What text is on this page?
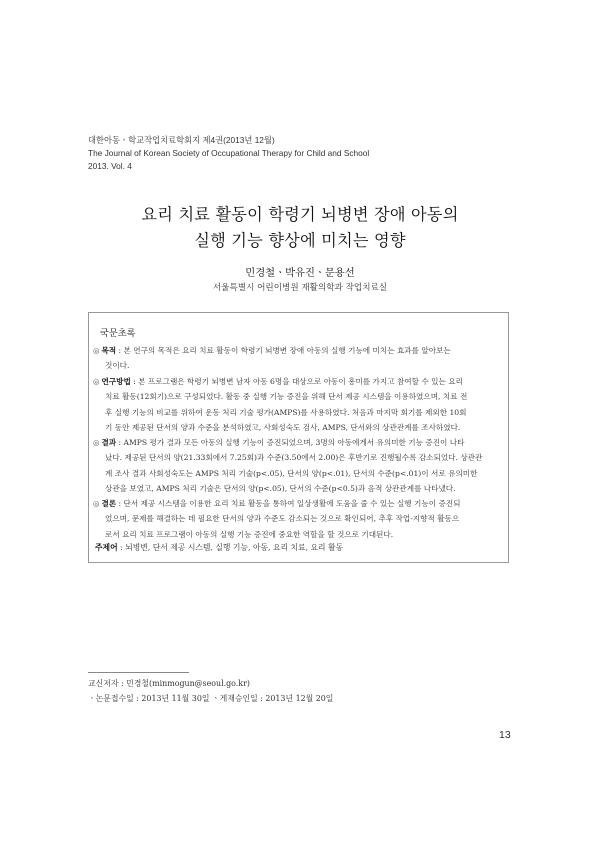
대한아동ㆍ학교작업치료학회지 제4권(2013년 12월)
The Journal of Korean Society of Occupational Therapy for Child and School
2013. Vol. 4
요리 치료 활동이 학령기 뇌병변 장애 아동의
실행 기능 향상에 미치는 영향
민경철ㆍ박유진ㆍ문용선
서울특별시 어린이병원 재활의학과 작업치료실
국문초록
◎ 목적 : 본 연구의 목적은 요리 치료 활동이 학령기 뇌병변 장애 아동의 실행 기능에 미치는 효과를 알아보는
것이다.
◎ 연구방법 : 본 프로그램은 학령기 뇌병변 남자 아동 6명을 대상으로 아동이 흥미를 가지고 참여할 수 있는 요리
치료 활동(12회기)으로 구성되었다. 활동 중 실행 기능 증진을 위해 단서 제공 시스템을 이용하였으며, 치료 전
후 실행 기능의 비교를 위하여 운동 처리 기술 평가(AMPS)를 사용하였다. 처음과 마지막 회기를 제외한 10회
기 동안 제공된 단서의 양과 수준을 분석하였고, 사회성숙도 검사, AMPS, 단서와의 상관관계를 조사하였다.
◎ 결과 : AMPS 평가 결과 모든 아동의 실행 기능이 증진되었으며, 3명의 아동에게서 유의미한 기능 증진이 나타
났다. 제공된 단서의 양(21.33회에서 7.25회)과 수준(3.50에서 2.00)은 후반기로 진행될수록 감소되었다. 상관관
계 조사 결과 사회성숙도는 AMPS 처리 기술(p<.05), 단서의 양(p<.01), 단서의 수준(p<.01)이 서로 유의미한
상관을 보였고, AMPS 처리 기술은 단서의 양(p<.05), 단서의 수준(p<0.5)과 음적 상관관계를 나타냈다.
◎ 결론 : 단서 제공 시스템을 이용한 요리 치료 활동을 통하여 일상생활에 도움을 줄 수 있는 실행 기능이 증진되
었으며, 문제를 해결하는 데 필요한 단서의 양과 수준도 감소되는 것으로 확인되어, 추후 작업-지향적 활동으
로서 요리 치료 프로그램이 아동의 실행 기능 증진에 중요한 역할을 할 것으로 기대된다.
주제어 : 뇌병변, 단서 제공 시스템, 실행 기능, 아동, 요리 치료, 요리 활동
교신저자 : 민경철(minmogun@seoul.go.kr)
ㆍ논문접수일 : 2013년 11월 30일 ㆍ게재승인일 : 2013년 12월 20일
13
